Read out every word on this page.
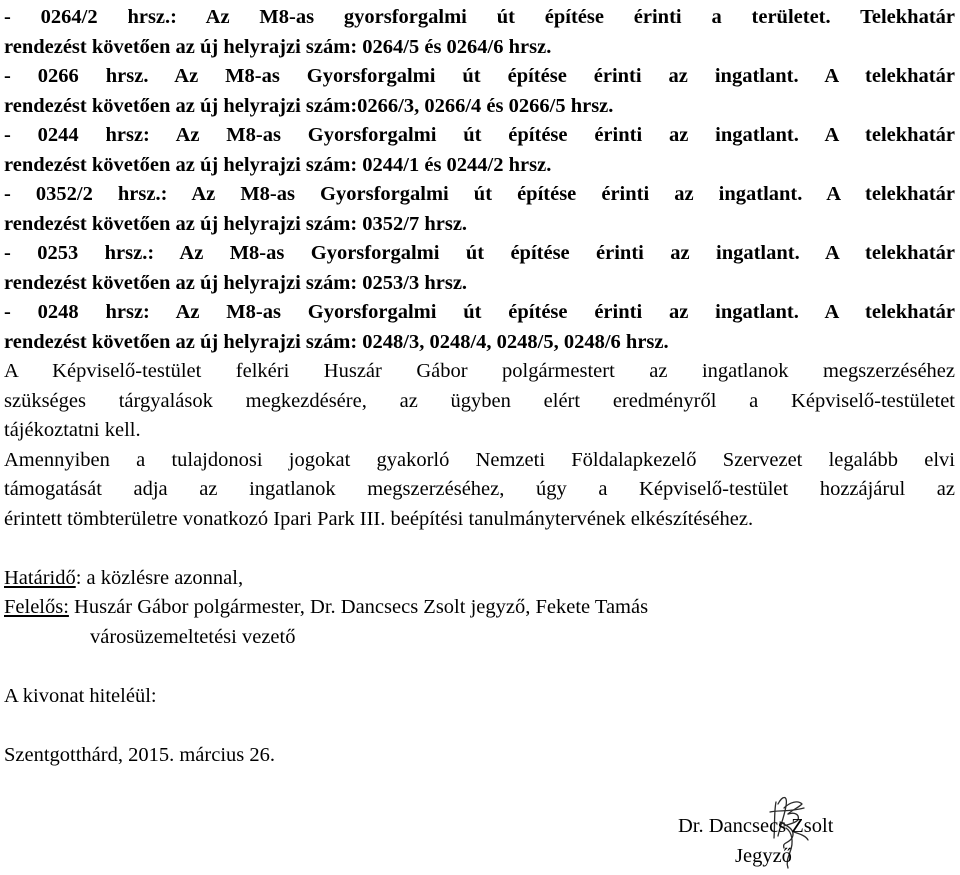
- 0264/2 hrsz.: Az M8-as gyorsforgalmi út építése érinti a területet. Telekhatár
rendezést követően az új helyrajzi szám: 0264/5 és 0264/6 hrsz.
- 0266 hrsz. Az M8-as Gyorsforgalmi út építése érinti az ingatlant. A telekhatár
rendezést követően az új helyrajzi szám:0266/3, 0266/4 és 0266/5 hrsz.
- 0244 hrsz: Az M8-as Gyorsforgalmi út építése érinti az ingatlant. A telekhatár
rendezést követően az új helyrajzi szám: 0244/1 és 0244/2 hrsz.
- 0352/2 hrsz.: Az M8-as Gyorsforgalmi út építése érinti az ingatlant. A telekhatár
rendezést követően az új helyrajzi szám: 0352/7 hrsz.
- 0253 hrsz.: Az M8-as Gyorsforgalmi út építése érinti az ingatlant. A telekhatár
rendezést követően az új helyrajzi szám: 0253/3 hrsz.
- 0248 hrsz: Az M8-as Gyorsforgalmi út építése érinti az ingatlant. A telekhatár
rendezést követően az új helyrajzi szám: 0248/3, 0248/4, 0248/5, 0248/6 hrsz.
A Képviselő-testület felkéri Huszár Gábor polgármestert az ingatlanok megszerzéséhez
szükséges tárgyalások megkezdésére, az ügyben elért eredményről a Képviselő-testületet
tájékoztatni kell.
Amennyiben a tulajdonosi jogokat gyakorló Nemzeti Földalapkezelő Szervezet legalább elvi
támogatását adja az ingatlanok megszerzéséhez, úgy a Képviselő-testület hozzájárul az
érintett tömbterületre vonatkozó Ipari Park III. beépítési tanulmánytervének elkészítéséhez.
Határidő: a közlésre azonnal,
Felelős: Huszár Gábor polgármester, Dr. Dancsecs Zsolt jegyző, Fekete Tamás
városüzemeltetési vezető
A kivonat hiteléül:
Szentgotthárd, 2015. március 26.
Dr. Dancsecs Zsolt
Jegyző
